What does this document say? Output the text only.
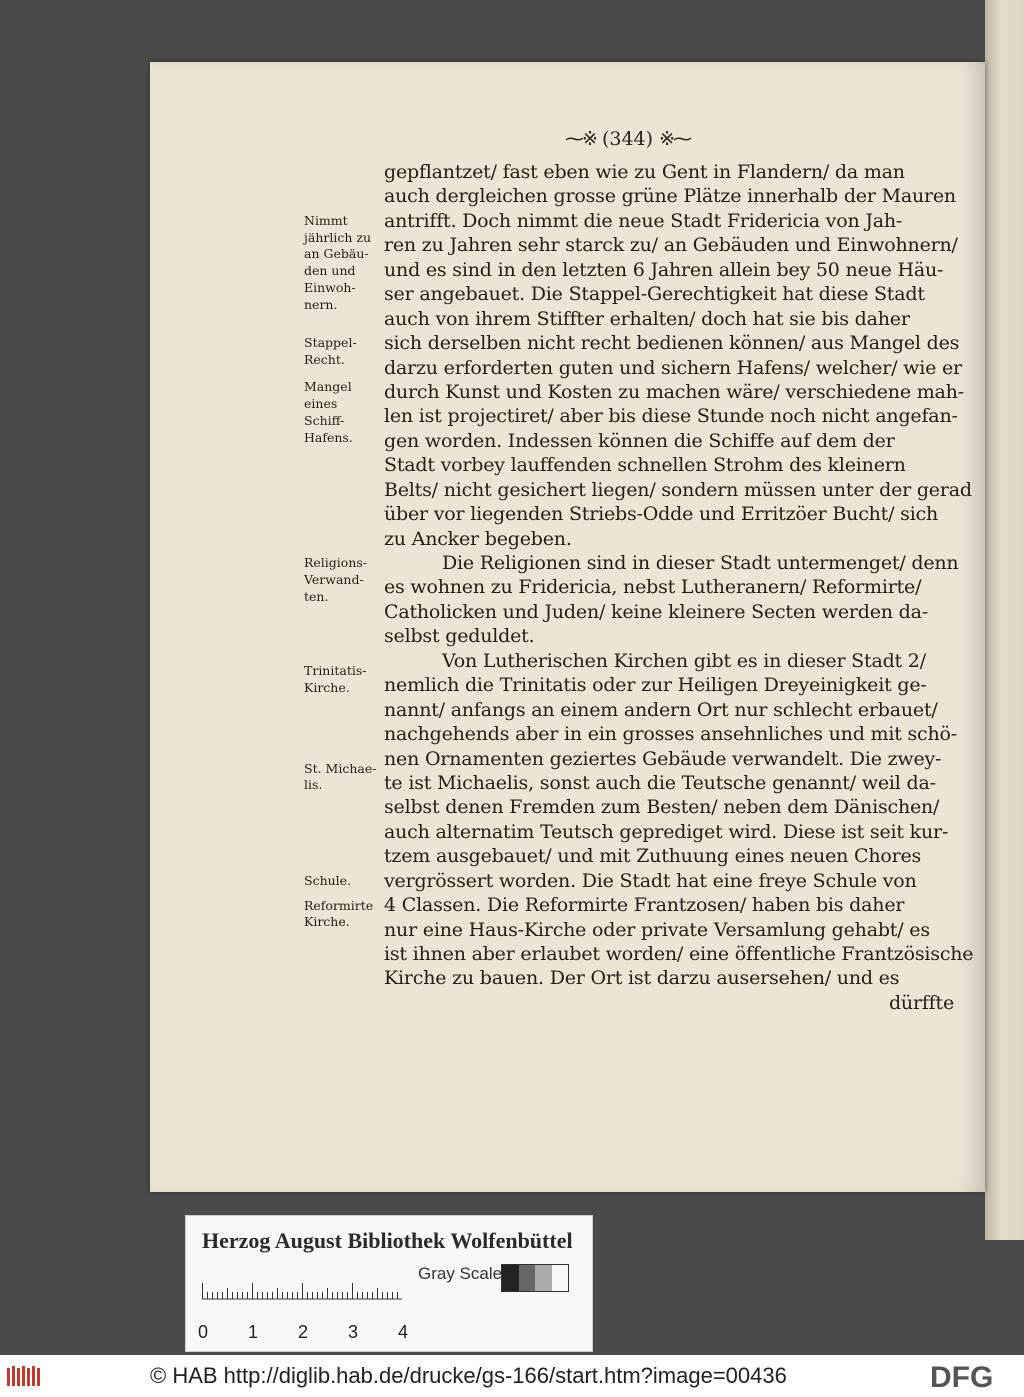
⁓※ (344) ※⁓
gepflantzet/ fast eben wie zu Gent in Flandern/ da man
auch dergleichen grosse grüne Plätze innerhalb der Mauren
antrifft. Doch nimmt die neue Stadt Fridericia von Jah-
ren zu Jahren sehr starck zu/ an Gebäuden und Einwohnern/
und es sind in den letzten 6 Jahren allein bey 50 neue Häu-
ser angebauet. Die Stappel-Gerechtigkeit hat diese Stadt
auch von ihrem Stiffter erhalten/ doch hat sie bis daher
sich derselben nicht recht bedienen können/ aus Mangel des
darzu erforderten guten und sichern Hafens/ welcher/ wie er
durch Kunst und Kosten zu machen wäre/ verschiedene mah-
len ist projectiret/ aber bis diese Stunde noch nicht angefan-
gen worden. Indessen können die Schiffe auf dem der
Stadt vorbey lauffenden schnellen Strohm des kleinern
Belts/ nicht gesichert liegen/ sondern müssen unter der gerad
über vor liegenden Striebs-Odde und Erritzöer Bucht/ sich
zu Ancker begeben.
Die Religionen sind in dieser Stadt untermenget/ denn
es wohnen zu Fridericia, nebst Lutheranern/ Reformirte/
Catholicken und Juden/ keine kleinere Secten werden da-
selbst geduldet.
Von Lutherischen Kirchen gibt es in dieser Stadt 2/
nemlich die Trinitatis oder zur Heiligen Dreyeinigkeit ge-
nannt/ anfangs an einem andern Ort nur schlecht erbauet/
nachgehends aber in ein grosses ansehnliches und mit schö-
nen Ornamenten geziertes Gebäude verwandelt. Die zwey-
te ist Michaelis, sonst auch die Teutsche genannt/ weil da-
selbst denen Fremden zum Besten/ neben dem Dänischen/
auch alternatim Teutsch geprediget wird. Diese ist seit kur-
tzem ausgebauet/ und mit Zuthuung eines neuen Chores
vergrössert worden. Die Stadt hat eine freye Schule von
4 Classen. Die Reformirte Frantzosen/ haben bis daher
nur eine Haus-Kirche oder private Versamlung gehabt/ es
ist ihnen aber erlaubet worden/ eine öffentliche Frantzösische
Kirche zu bauen. Der Ort ist darzu ausersehen/ und es
dürffte
Nimmt
jährlich zu
an Gebäu-
den und
Einwoh-
nern.
Stappel-
Recht.
Mangel
eines
Schiff-
Hafens.
Religions-
Verwand-
ten.
Trinitatis-
Kirche.
St. Michae-
lis.
Schule.
Reformirte
Kirche.
Herzog August Bibliothek Wolfenbüttel
Gray Scale
0 1 2 3 4
© HAB http://diglib.hab.de/drucke/gs-166/start.htm?image=00436	DFG
